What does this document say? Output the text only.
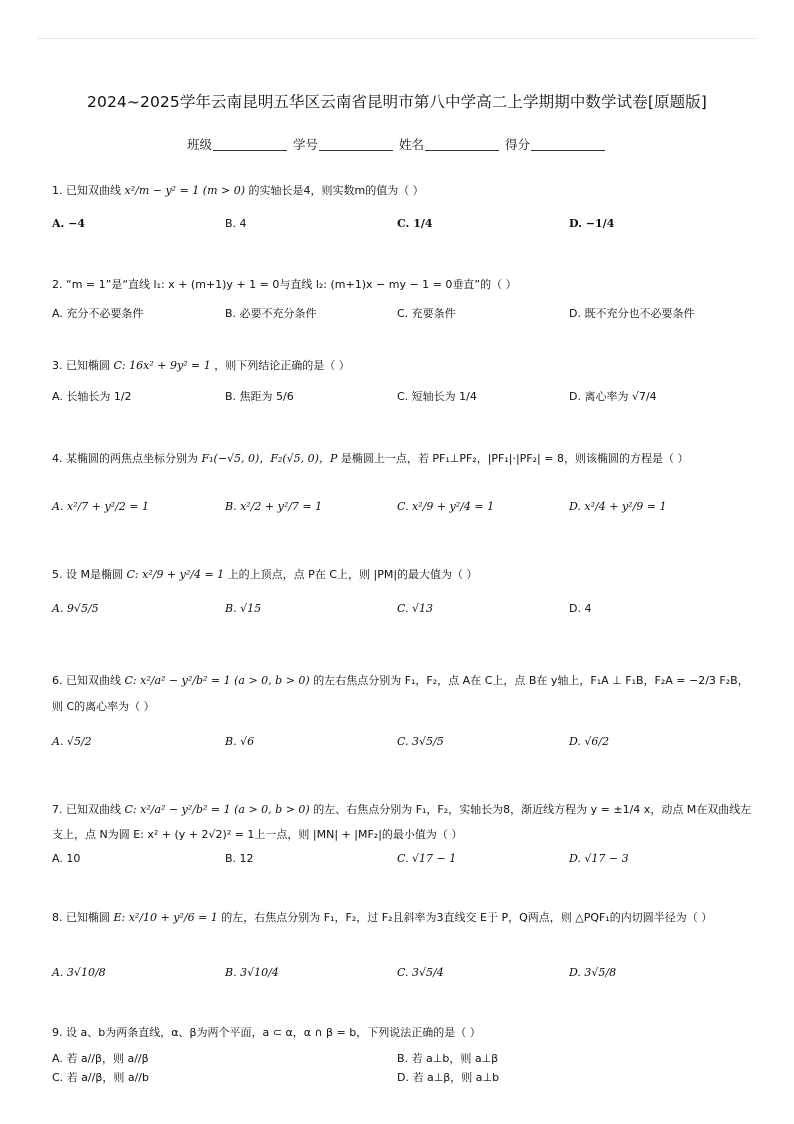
2024~2025学年云南昆明五华区云南省昆明市第八中学高二上学期期中数学试卷[原题版]
班级	学号	姓名	得分
1. 已知双曲线 x²/m − y² = 1 (m > 0) 的实轴长是4，则实数m的值为（ ）
A. −4	B. 4	C. 1/4	D. −1/4
2. “m = 1”是“直线 l₁: x + (m+1)y + 1 = 0与直线 l₂: (m+1)x − my − 1 = 0垂直”的（ ）
A. 充分不必要条件	B. 必要不充分条件	C. 充要条件	D. 既不充分也不必要条件
3. 已知椭圆 C: 16x² + 9y² = 1 ，则下列结论正确的是（ ）
A. 长轴长为 1/2	B. 焦距为 5/6	C. 短轴长为 1/4	D. 离心率为 √7/4
4. 某椭圆的两焦点坐标分别为 F₁(−√5, 0)，F₂(√5, 0)，P 是椭圆上一点，若 PF₁⊥PF₂，|PF₁|·|PF₂| = 8，则该椭圆的方程是（ ）
A. x²/7 + y²/2 = 1	B. x²/2 + y²/7 = 1	C. x²/9 + y²/4 = 1	D. x²/4 + y²/9 = 1
5. 设 M是椭圆 C: x²/9 + y²/4 = 1 上的上顶点，点 P在 C上，则 |PM|的最大值为（ ）
A. 9√5/5	B. √15	C. √13	D. 4
6. 已知双曲线 C: x²/a² − y²/b² = 1 (a > 0, b > 0) 的左右焦点分别为 F₁，F₂，点 A在 C上，点 B在 y轴上，F₁A ⊥ F₁B，F₂A = −2/3 F₂B，则 C的离心率为（ ）
A. √5/2	B. √6	C. 3√5/5	D. √6/2
7. 已知双曲线 C: x²/a² − y²/b² = 1 (a > 0, b > 0) 的左、右焦点分别为 F₁，F₂，实轴长为8，渐近线方程为 y = ±1/4 x，动点 M在双曲线左支上，点 N为圆 E: x² + (y + 2√2)² = 1上一点，则 |MN| + |MF₂|的最小值为（ ）
A. 10	B. 12	C. √17 − 1	D. √17 − 3
8. 已知椭圆 E: x²/10 + y²/6 = 1 的左，右焦点分别为 F₁，F₂，过 F₂且斜率为3直线交 E于 P，Q两点，则 △PQF₁的内切圆半径为（ ）
A. 3√10/8	B. 3√10/4	C. 3√5/4	D. 3√5/8
9. 设 a、b为两条直线，α、β为两个平面，a ⊂ α，α ∩ β = b，下列说法正确的是（ ）
A. 若 a//β，则 a//β	B. 若 a⊥b，则 a⊥β
C. 若 a//β，则 a//b	D. 若 a⊥β，则 a⊥b
